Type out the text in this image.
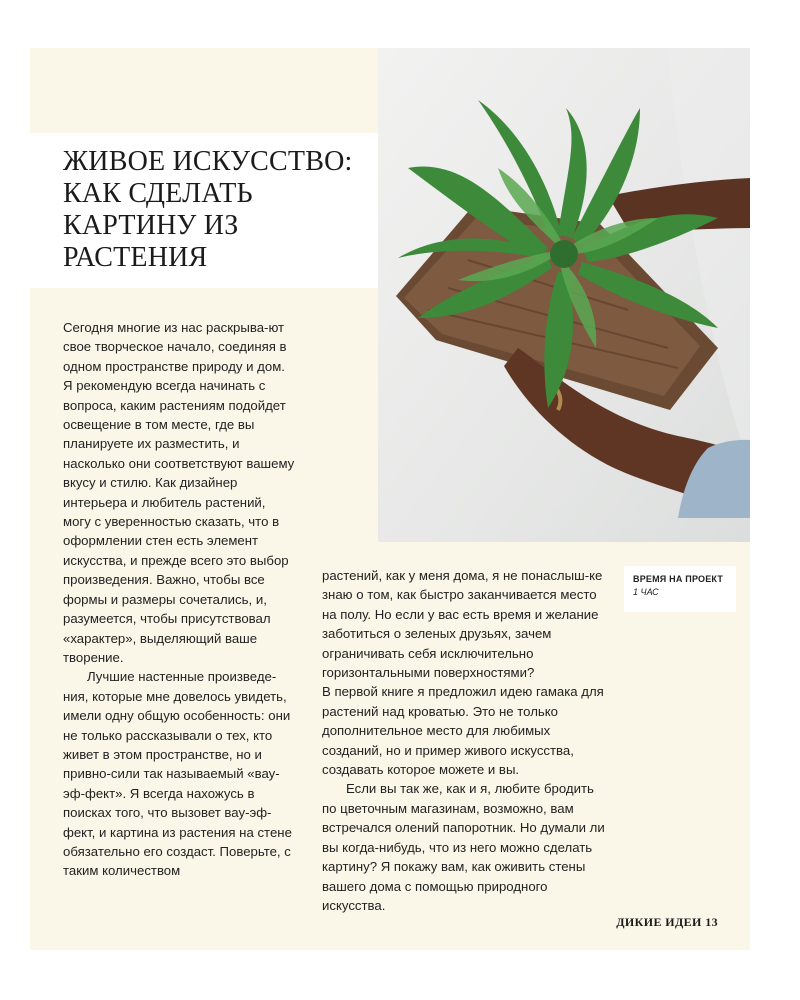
ЖИВОЕ ИСКУССТВО: КАК СДЕЛАТЬ КАРТИНУ ИЗ РАСТЕНИЯ

Сегодня многие из нас раскрыва-ют свое творческое начало, соединяя в одном пространстве природу и дом. Я рекомендую всегда начинать с вопроса, каким растениям подойдет освещение в том месте, где вы планируете их разместить, и насколько они соответствуют вашему вкусу и стилю. Как дизайнер интерьера и любитель растений, могу с уверенностью сказать, что в оформлении стен есть элемент искусства, и прежде всего это выбор произведения. Важно, чтобы все формы и размеры сочетались, и, разумеется, чтобы присутствовал «характер», выделяющий ваше творение.

Лучшие настенные произведе-ния, которые мне довелось увидеть, имели одну общую особенность: они не только рассказывали о тех, кто живет в этом пространстве, но и привно-сили так называемый «вау-эф-фект». Я всегда нахожусь в поисках того, что вызовет вау-эф-фект, и картина из растения на стене обязательно его создаст. Поверьте, с таким количеством

растений, как у меня дома, я не понаслыш-ке знаю о том, как быстро заканчивается место на полу. Но если у вас есть время и желание заботиться о зеленых друзьях, зачем ограничивать себя исключительно горизонтальными поверхностями?

В первой книге я предложил идею гамака для растений над кроватью. Это не только дополнительное место для любимых созданий, но и пример живого искусства, создавать которое можете и вы.

Если вы так же, как и я, любите бродить по цветочным магазинам, возможно, вам встречался олений папоротник. Но думали ли вы когда-нибудь, что из него можно сделать картину? Я покажу вам, как оживить стены вашего дома с помощью природного искусства.

ВРЕМЯ НА ПРОЕКТ
1 ЧАС
ДИКИЕ ИДЕИ 13
